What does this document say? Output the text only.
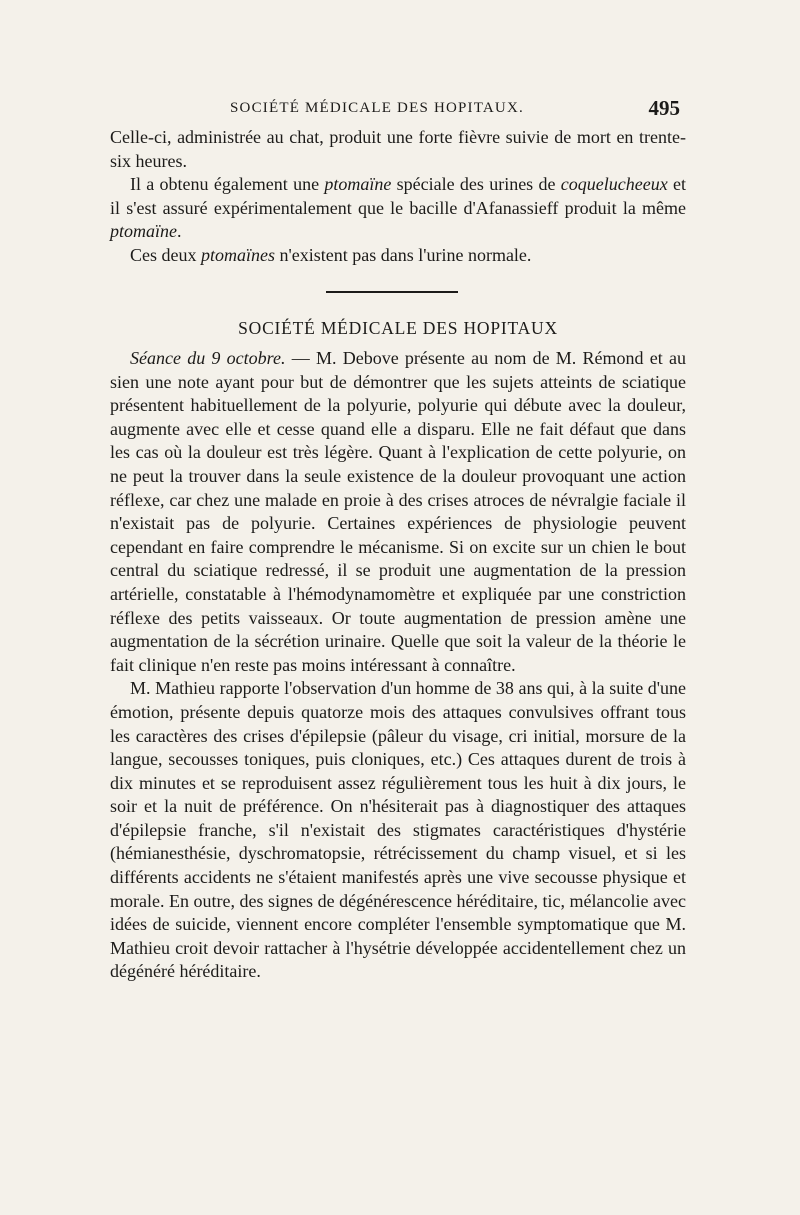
SOCIÉTÉ MÉDICALE DES HOPITAUX.	495

Celle-ci, administrée au chat, produit une forte fièvre suivie de mort en trente-six heures.

Il a obtenu également une ptomaïne spéciale des urines de coquelucheeux et il s'est assuré expérimentalement que le bacille d'Afanassieff produit la même ptomaïne.

Ces deux ptomaïnes n'existent pas dans l'urine normale.

SOCIÉTÉ MÉDICALE DES HOPITAUX

Séance du 9 octobre. — M. Debove présente au nom de M. Rémond et au sien une note ayant pour but de démontrer que les sujets atteints de sciatique présentent habituellement de la polyurie, polyurie qui débute avec la douleur, augmente avec elle et cesse quand elle a disparu. Elle ne fait défaut que dans les cas où la douleur est très légère. Quant à l'explication de cette polyurie, on ne peut la trouver dans la seule existence de la douleur provoquant une action réflexe, car chez une malade en proie à des crises atroces de névralgie faciale il n'existait pas de polyurie. Certaines expériences de physiologie peuvent cependant en faire comprendre le mécanisme. Si on excite sur un chien le bout central du sciatique redressé, il se produit une augmentation de la pression artérielle, constatable à l'hémodynamomètre et expliquée par une constriction réflexe des petits vaisseaux. Or toute augmentation de pression amène une augmentation de la sécrétion urinaire. Quelle que soit la valeur de la théorie le fait clinique n'en reste pas moins intéressant à connaître.

M. Mathieu rapporte l'observation d'un homme de 38 ans qui, à la suite d'une émotion, présente depuis quatorze mois des attaques convulsives offrant tous les caractères des crises d'épilepsie (pâleur du visage, cri initial, morsure de la langue, secousses toniques, puis cloniques, etc.) Ces attaques durent de trois à dix minutes et se reproduisent assez régulièrement tous les huit à dix jours, le soir et la nuit de préférence. On n'hésiterait pas à diagnostiquer des attaques d'épilepsie franche, s'il n'existait des stigmates caractéristiques d'hystérie (hémianesthésie, dyschromatopsie, rétrécissement du champ visuel, et si les différents accidents ne s'étaient manifestés après une vive secousse physique et morale. En outre, des signes de dégénérescence héréditaire, tic, mélancolie avec idées de suicide, viennent encore compléter l'ensemble symptomatique que M. Mathieu croit devoir rattacher à l'hysétrie développée accidentellement chez un dégénéré héréditaire.
